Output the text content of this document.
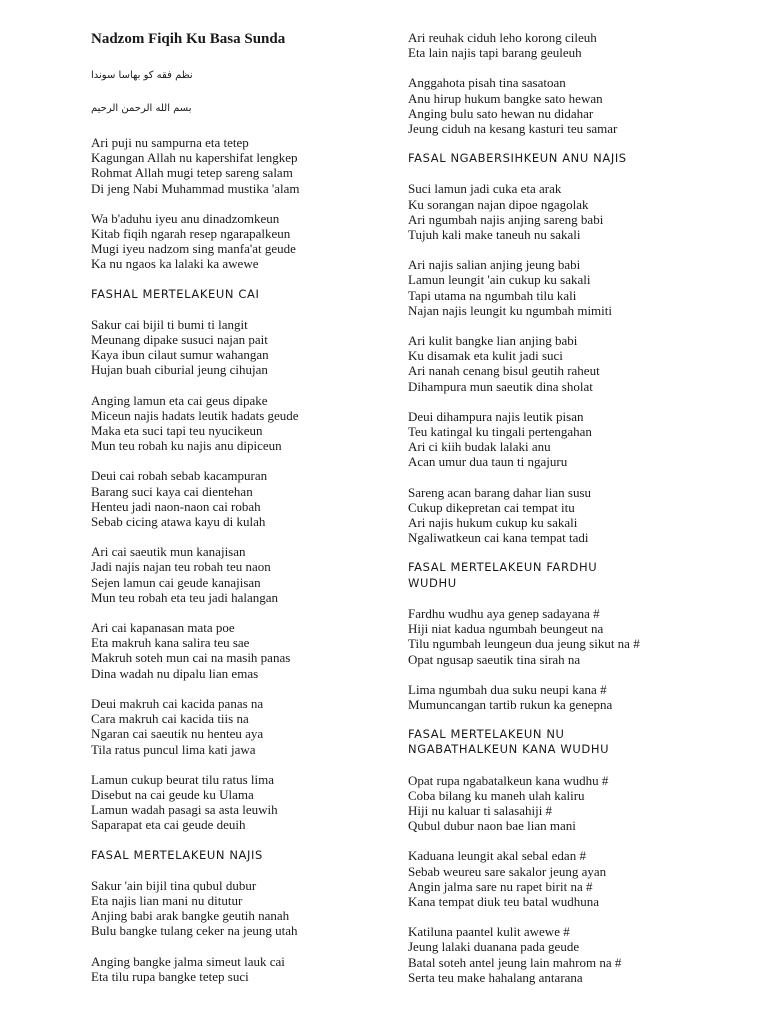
Nadzom Fiqih Ku Basa Sunda
نظم فقه كو بهاسا سوندا
بسم الله الرحمن الرحيم
Ari puji nu sampurna eta tetep
Kagungan Allah nu kapershifat lengkep
Rohmat Allah mugi tetep sareng salam
Di jeng Nabi Muhammad mustika 'alam
Wa b'aduhu iyeu anu dinadzomkeun
Kitab fiqih ngarah resep ngarapalkeun
Mugi iyeu nadzom sing manfa'at geude
Ka nu ngaos ka lalaki ka awewe
FASHAL MERTELAKEUN CAI
Sakur cai bijil ti bumi ti langit
Meunang dipake susuci najan pait
Kaya ibun cilaut sumur wahangan
Hujan buah ciburial jeung cihujan
Anging lamun eta cai geus dipake
Miceun najis hadats leutik hadats geude
Maka eta suci tapi teu nyucikeun
Mun teu robah ku najis anu dipiceun
Deui cai robah sebab kacampuran
Barang suci kaya cai dientehan
Henteu jadi naon-naon cai robah
Sebab cicing atawa kayu di kulah
Ari cai saeutik mun kanajisan
Jadi najis najan teu robah teu naon
Sejen lamun cai geude kanajisan
Mun teu robah eta teu jadi halangan
Ari cai kapanasan mata poe
Eta makruh kana salira teu sae
Makruh soteh mun cai na masih panas
Dina wadah nu dipalu lian emas
Deui makruh cai kacida panas na
Cara makruh cai kacida tiis na
Ngaran cai saeutik nu henteu aya
Tila ratus puncul lima kati jawa
Lamun cukup beurat tilu ratus lima
Disebut na cai geude ku Ulama
Lamun wadah pasagi sa asta leuwih
Saparapat eta cai geude deuih
FASAL MERTELAKEUN NAJIS
Sakur 'ain bijil tina qubul dubur
Eta najis lian mani nu ditutur
Anjing babi arak bangke geutih nanah
Bulu bangke tulang ceker na jeung utah
Anging bangke jalma simeut lauk cai
Eta tilu rupa bangke tetep suci
Ari reuhak ciduh leho korong cileuh
Eta lain najis tapi barang geuleuh
Anggahota pisah tina sasatoan
Anu hirup hukum bangke sato hewan
Anging bulu sato hewan nu didahar
Jeung ciduh na kesang kasturi teu samar
FASAL NGABERSIHKEUN ANU NAJIS
Suci lamun jadi cuka eta arak
Ku sorangan najan dipoe ngagolak
Ari ngumbah najis anjing sareng babi
Tujuh kali make taneuh nu sakali
Ari najis salian anjing jeung babi
Lamun leungit 'ain cukup ku sakali
Tapi utama na ngumbah tilu kali
Najan najis leungit ku ngumbah mimiti
Ari kulit bangke lian anjing babi
Ku disamak eta kulit jadi suci
Ari nanah cenang bisul geutih raheut
Dihampura mun saeutik dina sholat
Deui dihampura najis leutik pisan
Teu katingal ku tingali pertengahan
Ari ci kiih budak lalaki anu
Acan umur dua taun ti ngajuru
Sareng acan barang dahar lian susu
Cukup dikepretan cai tempat itu
Ari najis hukum cukup ku sakali
Ngaliwatkeun cai kana tempat tadi
FASAL MERTELAKEUN FARDHU
WUDHU
Fardhu wudhu aya genep sadayana #
Hiji niat kadua ngumbah beungeut na
Tilu ngumbah leungeun dua jeung sikut na #
Opat ngusap saeutik tina sirah na
Lima ngumbah dua suku neupi kana #
Mumuncangan tartib rukun ka genepna
FASAL MERTELAKEUN NU
NGABATHALKEUN KANA WUDHU
Opat rupa ngabatalkeun kana wudhu #
Coba bilang ku maneh ulah kaliru
Hiji nu kaluar ti salasahiji #
Qubul dubur naon bae lian mani
Kaduana leungit akal sebal edan #
Sebab weureu sare sakalor jeung ayan
Angin jalma sare nu rapet birit na #
Kana tempat diuk teu batal wudhuna
Katiluna paantel kulit awewe #
Jeung lalaki duanana pada geude
Batal soteh antel jeung lain mahrom na #
Serta teu make hahalang antarana
